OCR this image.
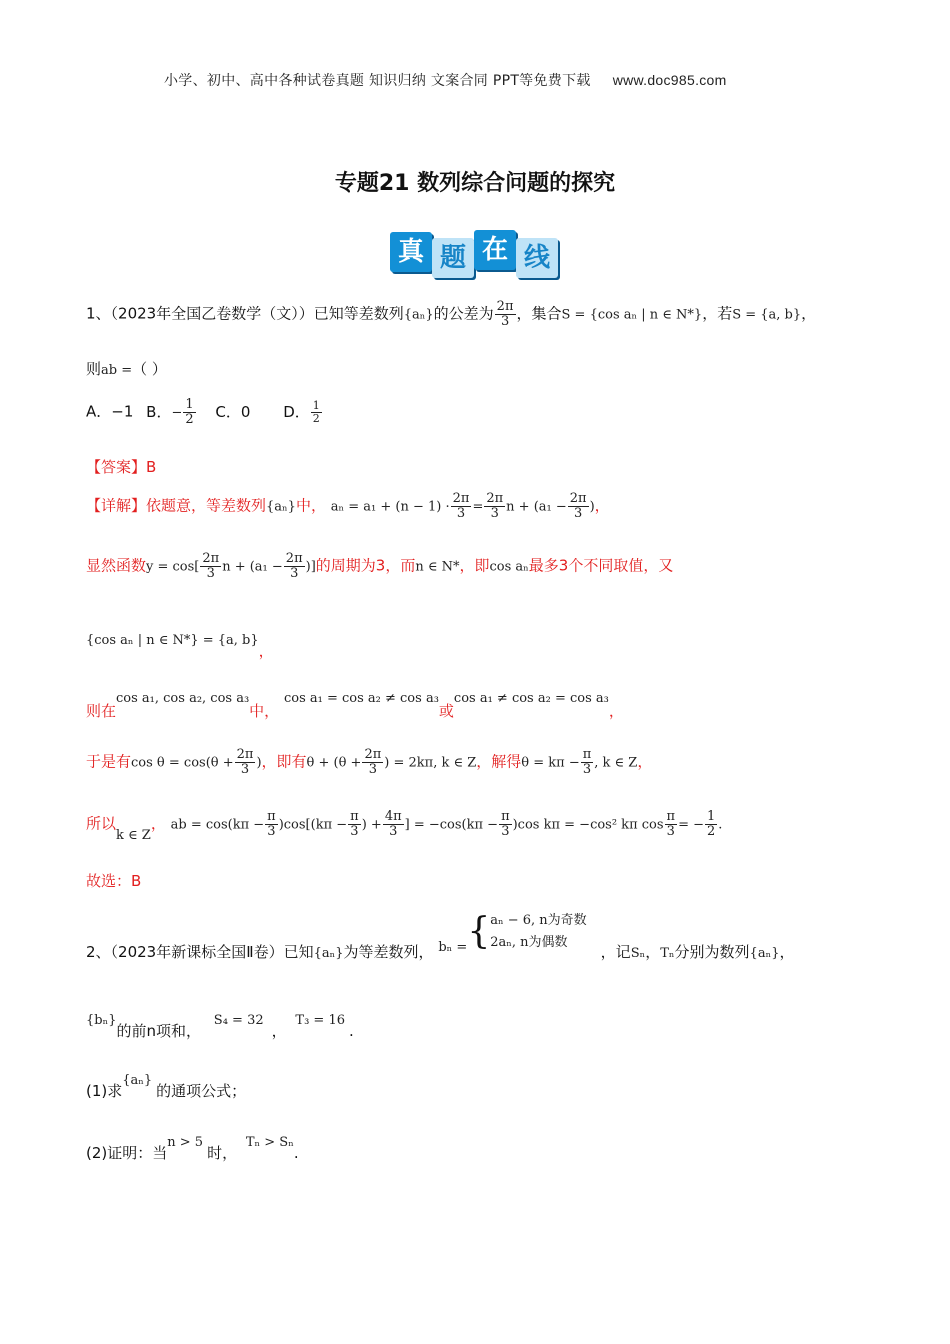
小学、初中、高中各种试卷真题 知识归纳 文案合同 PPT等免费下载 www.doc985.com
专题21 数列综合问题的探究
真 题 在 线
1、（2023年全国乙卷数学（文））已知等差数列{aₙ}的公差为 $\frac{2\pi}{3}$ ，集合S = {cos aₙ | n ∈ N*}，若S = {a, b}，
则ab =（ ）
A．−1 B．− $\frac{1}{2}$ C．0 D． $\frac{1}{2}$
【答案】B
【详解】依题意，等差数列{aₙ}中， $a_n = a_1 + (n - 1) \cdot \frac{2\pi}{3} = \frac{2\pi}{3}$ $n + (a_1 - \frac{2\pi}{3}$ )，
显然函数$y = \cos[ \frac{2\pi}{3}$ $n + (a_1 - \frac{2\pi}{3}$ )]的周期为3，而n ∈ N*，即cos aₙ最多3个不同取值，又
{cos aₙ | n ∈ N*} = {a, b}，
则在cos a₁, cos a₂, cos a₃中， cos a₁ = cos a₂ ≠ cos a₃或cos a₁ ≠ cos a₂ = cos a₃，
于是有$\cos \theta = \cos(\theta + \frac{2\pi}{3}$ )，即有$\theta + (\theta + \frac{2\pi}{3}$ ) = 2kπ, k ∈ Z，解得$\theta = k\pi - \frac{\pi}{3}$ , k ∈ Z，
所以k ∈ Z， ab = $\cos(k\pi - \frac{\pi}{3} )\cos[(k\pi - \frac{\pi}{3}$ ) + $\frac{4\pi}{3}$ ] = $-\cos(k\pi - \frac{\pi}{3} )\cos$ kπ = −cos² kπ $\cos \frac{\pi}{3}$ = − $\frac{1}{2}$ .
故选：B
2、（2023年新课标全国Ⅱ卷）已知{aₙ}为等差数列， bₙ ={ aₙ − 6, n为奇数
2aₙ, n为偶数	，记Sₙ，Tₙ分别为数列{aₙ}，
{bₙ}的前n项和， S₄ = 32， T₃ = 16.
(1)求{aₙ}的通项公式；
(2)证明：当n > 5时， Tₙ > Sₙ.
